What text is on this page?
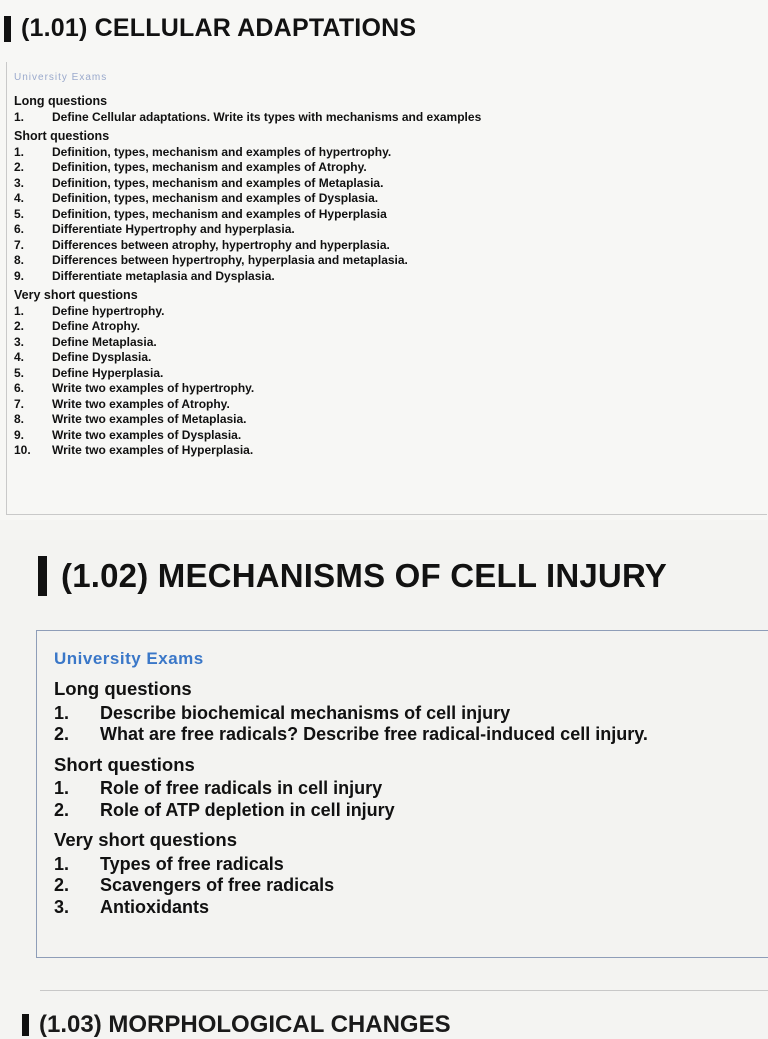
(1.01) CELLULAR ADAPTATIONS
University Exams
Long questions
1.	Define Cellular adaptations. Write its types with mechanisms and examples
Short questions
1.	Definition, types, mechanism and examples of hypertrophy.
2.	Definition, types, mechanism and examples of Atrophy.
3.	Definition, types, mechanism and examples of Metaplasia.
4.	Definition, types, mechanism and examples of Dysplasia.
5.	Definition, types, mechanism and examples of Hyperplasia
6.	Differentiate Hypertrophy and hyperplasia.
7.	Differences between atrophy, hypertrophy and hyperplasia.
8.	Differences between hypertrophy, hyperplasia and metaplasia.
9.	Differentiate metaplasia and Dysplasia.
Very short questions
1.	Define hypertrophy.
2.	Define Atrophy.
3.	Define Metaplasia.
4.	Define Dysplasia.
5.	Define Hyperplasia.
6.	Write two examples of hypertrophy.
7.	Write two examples of Atrophy.
8.	Write two examples of Metaplasia.
9.	Write two examples of Dysplasia.
10.	Write two examples of Hyperplasia.
(1.02) MECHANISMS OF CELL INJURY
University Exams
Long questions
1.	Describe biochemical mechanisms of cell injury
2.	What are free radicals? Describe free radical-induced cell injury.
Short questions
1.	Role of free radicals in cell injury
2.	Role of ATP depletion in cell injury
Very short questions
1.	Types of free radicals
2.	Scavengers of free radicals
3.	Antioxidants
(1.03) MORPHOLOGICAL CHANGES
